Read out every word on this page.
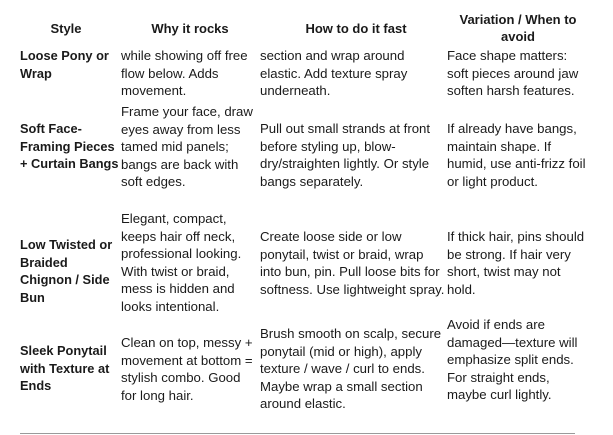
Style	Why it rocks	How to do it fast
Variation / When to avoid
Loose Pony or Wrap
while showing off free flow below. Adds movement.
section and wrap around elastic. Add texture spray underneath.
Face shape matters: soft pieces around jaw soften harsh features.
Soft Face-Framing Pieces + Curtain Bangs
Frame your face, draw eyes away from less tamed mid panels; bangs are back with soft edges.
Pull out small strands at front before styling up, blow-dry/straighten lightly. Or style bangs separately.
If already have bangs, maintain shape. If humid, use anti-frizz foil or light product.
Low Twisted or Braided Chignon / Side Bun
Elegant, compact, keeps hair off neck, professional looking. With twist or braid, mess is hidden and looks intentional.
Create loose side or low ponytail, twist or braid, wrap into bun, pin. Pull loose bits for softness. Use lightweight spray.
If thick hair, pins should be strong. If hair very short, twist may not hold.
Sleek Ponytail with Texture at Ends
Clean on top, messy + movement at bottom = stylish combo. Good for long hair.
Brush smooth on scalp, secure ponytail (mid or high), apply texture / wave / curl to ends. Maybe wrap a small section around elastic.
Avoid if ends are damaged—texture will emphasize split ends. For straight ends, maybe curl lightly.
